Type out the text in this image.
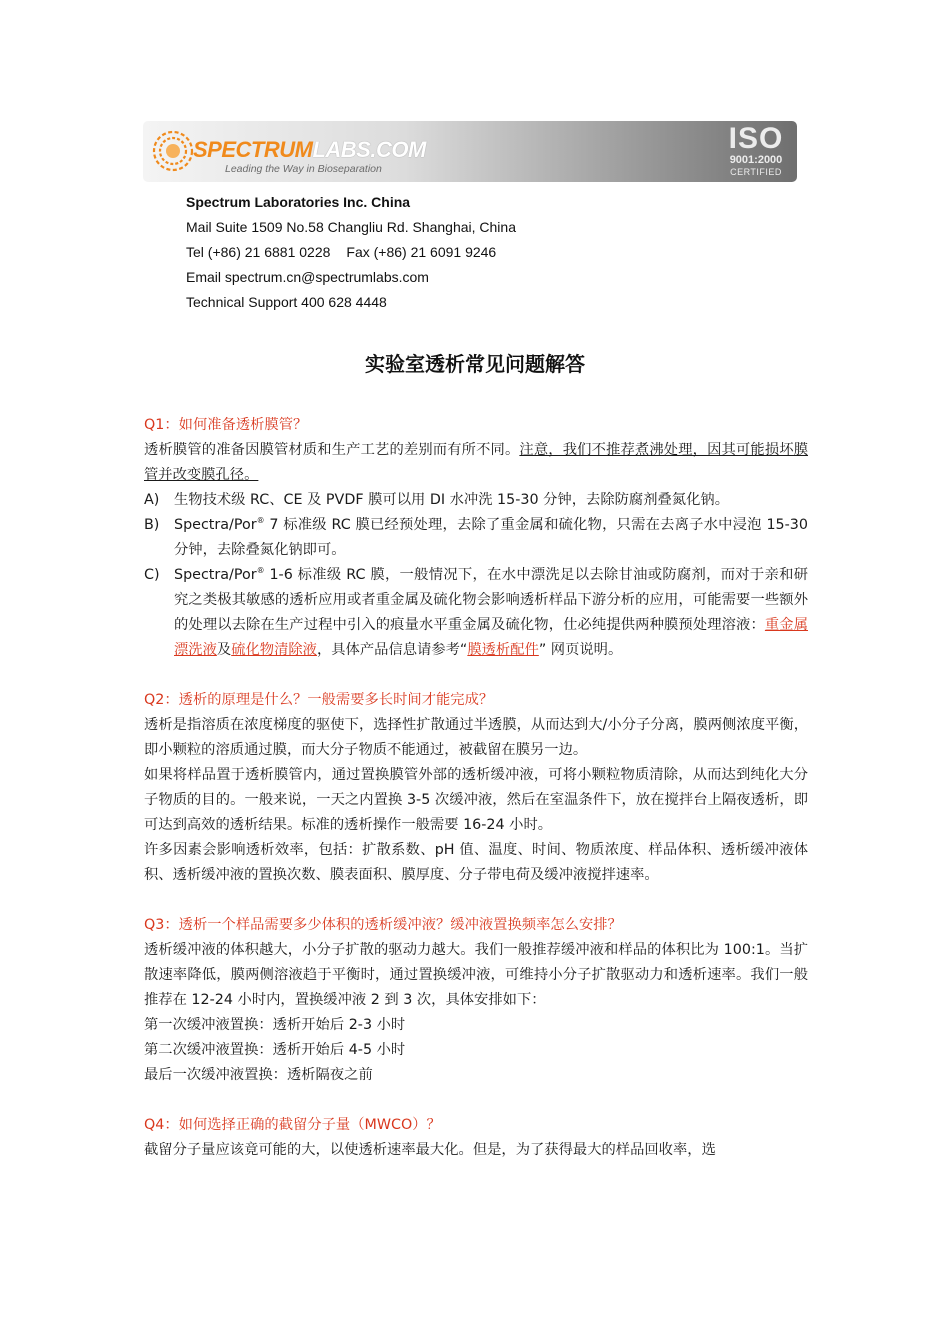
SPECTRUMLABS.COM
Leading the Way in Bioseparation
ISO
9001:2000
CERTIFIED
Spectrum Laboratories Inc. China
Mail Suite 1509 No.58 Changliu Rd. Shanghai, China
Tel (+86) 21 6881 0228 Fax (+86) 21 6091 9246
Email spectrum.cn@spectrumlabs.com
Technical Support 400 628 4448
实验室透析常见问题解答
Q1：如何准备透析膜管？
透析膜管的准备因膜管材质和生产工艺的差别而有所不同。注意，我们不推荐煮沸处理，因其可能损坏膜管并改变膜孔径。
A) 生物技术级 RC、CE 及 PVDF 膜可以用 DI 水冲洗 15-30 分钟，去除防腐剂叠氮化钠。
B) Spectra/Por® 7 标准级 RC 膜已经预处理，去除了重金属和硫化物，只需在去离子水中浸泡 15-30 分钟，去除叠氮化钠即可。
C) Spectra/Por® 1-6 标准级 RC 膜，一般情况下，在水中漂洗足以去除甘油或防腐剂，而对于亲和研究之类极其敏感的透析应用或者重金属及硫化物会影响透析样品下游分析的应用，可能需要一些额外的处理以去除在生产过程中引入的痕量水平重金属及硫化物，仕必纯提供两种膜预处理溶液：重金属漂洗液及硫化物清除液，具体产品信息请参考“膜透析配件” 网页说明。
Q2：透析的原理是什么？一般需要多长时间才能完成？
透析是指溶质在浓度梯度的驱使下，选择性扩散通过半透膜，从而达到大/小分子分离，膜两侧浓度平衡，即小颗粒的溶质通过膜，而大分子物质不能通过，被截留在膜另一边。
如果将样品置于透析膜管内，通过置换膜管外部的透析缓冲液，可将小颗粒物质清除，从而达到纯化大分子物质的目的。一般来说，一天之内置换 3-5 次缓冲液，然后在室温条件下，放在搅拌台上隔夜透析，即可达到高效的透析结果。标准的透析操作一般需要 16-24 小时。
许多因素会影响透析效率，包括：扩散系数、pH 值、温度、时间、物质浓度、样品体积、透析缓冲液体积、透析缓冲液的置换次数、膜表面积、膜厚度、分子带电荷及缓冲液搅拌速率。
Q3：透析一个样品需要多少体积的透析缓冲液？缓冲液置换频率怎么安排？
透析缓冲液的体积越大，小分子扩散的驱动力越大。我们一般推荐缓冲液和样品的体积比为 100:1。当扩散速率降低，膜两侧溶液趋于平衡时，通过置换缓冲液，可维持小分子扩散驱动力和透析速率。我们一般推荐在 12-24 小时内，置换缓冲液 2 到 3 次，具体安排如下：
第一次缓冲液置换：透析开始后 2-3 小时
第二次缓冲液置换：透析开始后 4-5 小时
最后一次缓冲液置换：透析隔夜之前
Q4：如何选择正确的截留分子量（MWCO）？
截留分子量应该竟可能的大，以使透析速率最大化。但是，为了获得最大的样品回收率，选
